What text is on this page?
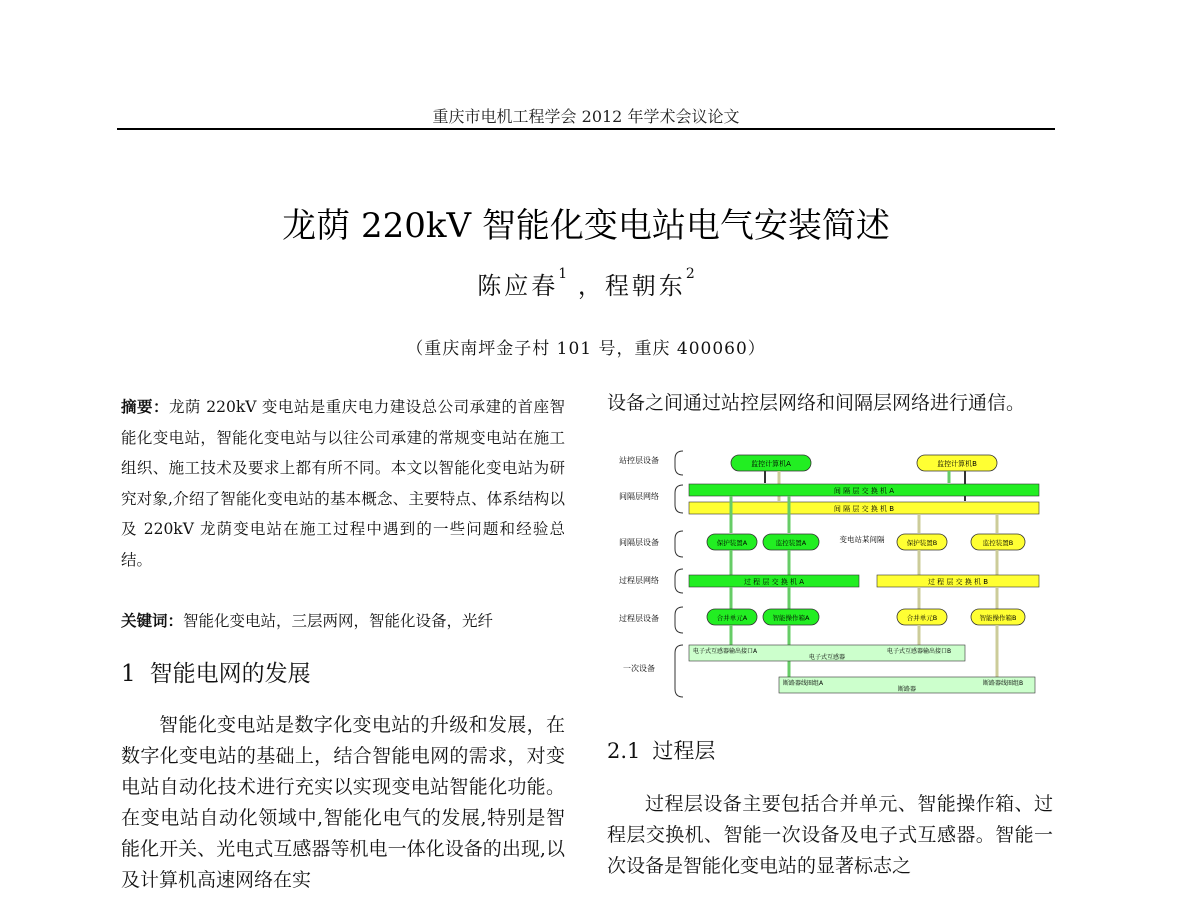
重庆市电机工程学会 2012 年学术会议论文
龙荫 220kV 智能化变电站电气安装简述
陈应春$^1$ ，程朝东$^2$
（重庆南坪金子村 101 号，重庆 400060）

摘要：龙荫 220kV 变电站是重庆电力建设总公司承建的首座智能化变电站，智能化变电站与以往公司承建的常规变电站在施工组织、施工技术及要求上都有所不同。本文以智能化变电站为研究对象,介绍了智能化变电站的基本概念、主要特点、体系结构以及 220kV 龙荫变电站在施工过程中遇到的一些问题和经验总结。

关键词：智能化变电站，三层两网，智能化设备，光纤

1 智能电网的发展

智能化变电站是数字化变电站的升级和发展，在数字化变电站的基础上，结合智能电网的需求，对变电站自动化技术进行充实以实现变电站智能化功能。在变电站自动化领域中,智能化电气的发展,特别是智能化开关、光电式互感器等机电一体化设备的出现,以及计算机高速网络在实

设备之间通过站控层网络和间隔层网络进行通信。

站控层设备
间隔层网络
间隔层设备
过程层网络
过程层设备
一次设备
监控计算机A	监控计算机B
间 隔 层 交 换 机 A
间 隔 层 交 换 机 B
保护装置A	监控装置A	变电站某间隔	保护装置B	监控装置B
过 程 层 交 换 机 A	过 程 层 交 换 机 B
合并单元A	智能操作箱A	合并单元B	智能操作箱B
电子式互感器输出接口A	电子式互感器输出接口B
电子式互感器
断路器线圈组A	断路器线圈组B
断路器
2.1 过程层

过程层设备主要包括合并单元、智能操作箱、过程层交换机、智能一次设备及电子式互感器。智能一次设备是智能化变电站的显著标志之
